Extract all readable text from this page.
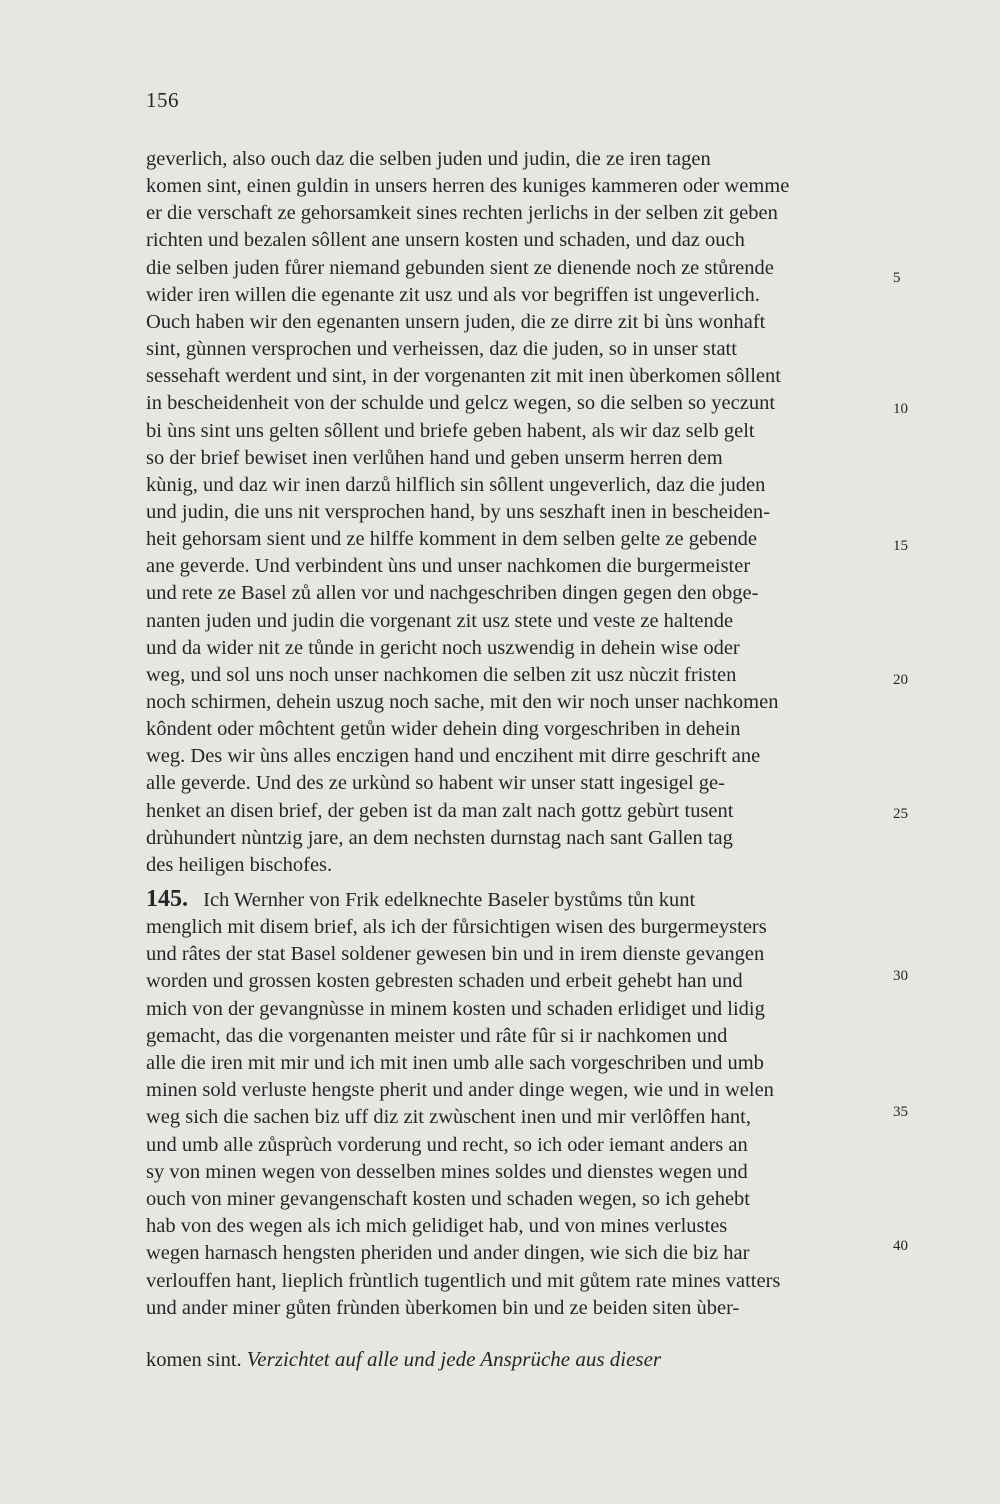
156
geverlich, also ouch daz die selben juden und judin, die ze iren tagen
komen sint, einen guldin in unsers herren des kuniges kammeren oder wemme
er die verschaft ze gehorsamkeit sines rechten jerlichs in der selben zit geben
richten und bezalen sôllent ane unsern kosten und schaden, und daz ouch
die selben juden fůrer niemand gebunden sient ze dienende noch ze stůrende
wider iren willen die egenante zit usz und als vor begriffen ist ungeverlich.
Ouch haben wir den egenanten unsern juden, die ze dirre zit bi ùns wonhaft
sint, gùnnen versprochen und verheissen, daz die juden, so in unser statt
sessehaft werdent und sint, in der vorgenanten zit mit inen ùberkomen sôllent
in bescheidenheit von der schulde und gelcz wegen, so die selben so yeczunt
bi ùns sint uns gelten sôllent und briefe geben habent, als wir daz selb gelt
so der brief bewiset inen verlůhen hand und geben unserm herren dem
kùnig, und daz wir inen darzů hilflich sin sôllent ungeverlich, daz die juden
und judin, die uns nit versprochen hand, by uns seszhaft inen in bescheiden-
heit gehorsam sient und ze hilffe komment in dem selben gelte ze gebende
ane geverde. Und verbindent ùns und unser nachkomen die burgermeister
und rete ze Basel zů allen vor und nachgeschriben dingen gegen den obge-
nanten juden und judin die vorgenant zit usz stete und veste ze haltende
und da wider nit ze tůnde in gericht noch uszwendig in dehein wise oder
weg, und sol uns noch unser nachkomen die selben zit usz nùczit fristen
noch schirmen, dehein uszug noch sache, mit den wir noch unser nachkomen
kôndent oder môchtent getůn wider dehein ding vorgeschriben in dehein
weg. Des wir ùns alles enczigen hand und enczihent mit dirre geschrift ane
alle geverde. Und des ze urkùnd so habent wir unser statt ingesigel ge-
henket an disen brief, der geben ist da man zalt nach gottz gebùrt tusent
drùhundert nùntzig jare, an dem nechsten durnstag nach sant Gallen tag
des heiligen bischofes.
145. Ich Wernher von Frik edelknechte Baseler bystůms tůn kunt
menglich mit disem brief, als ich der fůrsichtigen wisen des burgermeysters
und râtes der stat Basel soldener gewesen bin und in irem dienste gevangen
worden und grossen kosten gebresten schaden und erbeit gehebt han und
mich von der gevangnùsse in minem kosten und schaden erlidiget und lidig
gemacht, das die vorgenanten meister und râte fûr si ir nachkomen und
alle die iren mit mir und ich mit inen umb alle sach vorgeschriben und umb
minen sold verluste hengste pherit und ander dinge wegen, wie und in welen
weg sich die sachen biz uff diz zit zwùschent inen und mir verlôffen hant,
und umb alle zůsprùch vorderung und recht, so ich oder iemant anders an
sy von minen wegen von desselben mines soldes und dienstes wegen und
ouch von miner gevangenschaft kosten und schaden wegen, so ich gehebt
hab von des wegen als ich mich gelidiget hab, und von mines verlustes
wegen harnasch hengsten pheriden und ander dingen, wie sich die biz har
verlouffen hant, lieplich frùntlich tugentlich und mit gůtem rate mines vatters
und ander miner gůten frùnden ùberkomen bin und ze beiden siten ùber-
komen sint. Verzichtet auf alle und jede Ansprüche aus dieser
5
10
15
20
25
30
35
40
